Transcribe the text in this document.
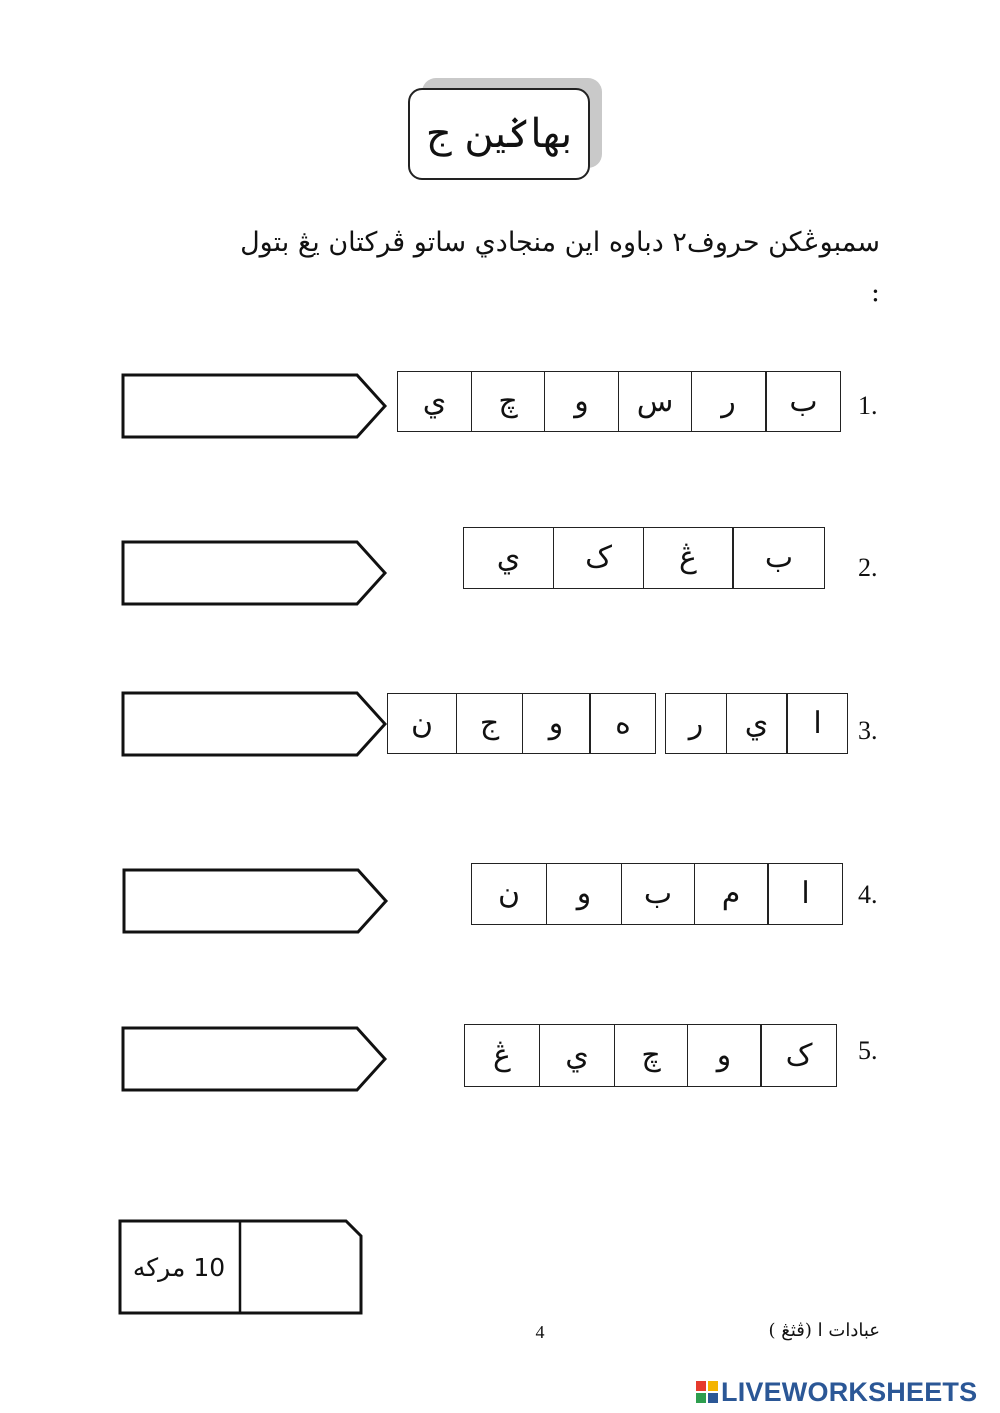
بهاݢين ج
سمبوڠکن حروف٢ دباوه اين منجادي ساتو ڤرکتان يڠ بتول :
1.
ب
ر
س
و
چ
ي
2.
ب
ڠ
ک
ي
3.
ا
ي
ر
ه
و
ج
ن
4.
ا
م
ب
و
ن
5.
ک
و
چ
ي
ڠ
10 مرکه
عبادات ا (ڤثڠ )
4
LIVEWORKSHEETS
